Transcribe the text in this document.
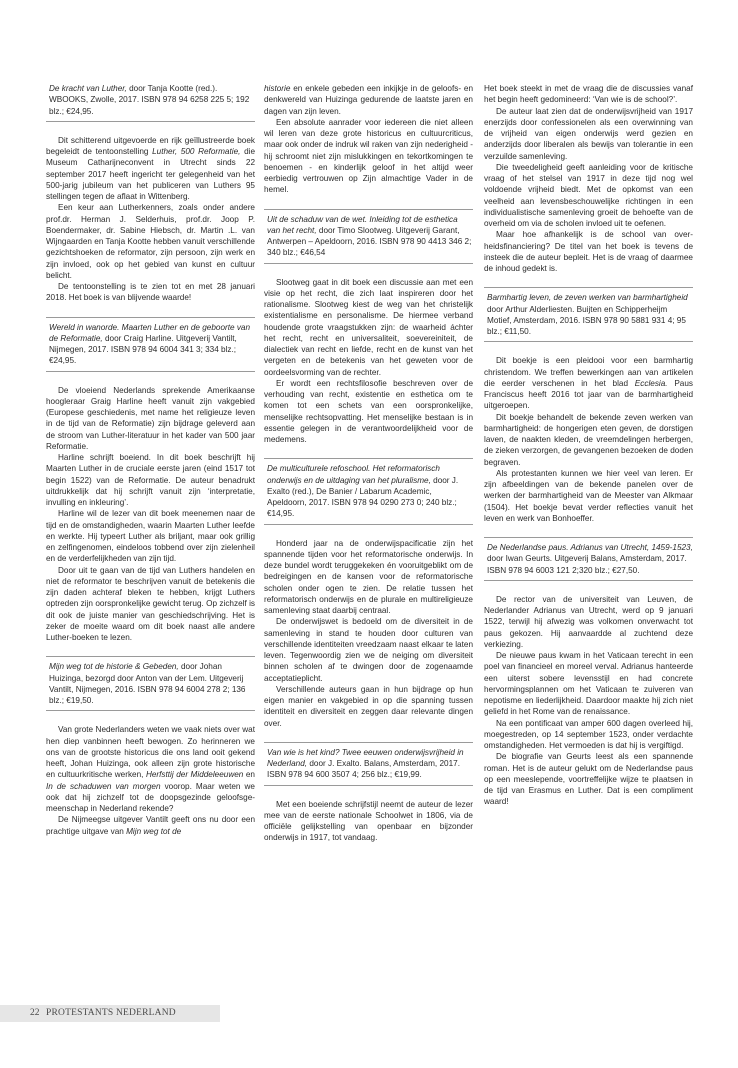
De kracht van Luther, door Tanja Kootte (red.). WBOOKS, Zwolle, 2017. ISBN 978 94 6258 225 5; 192 blz.; €24,95.

Dit schitterend uitgevoerde en rijk geïllustreerde boek begeleidt de tentoonstelling Luther, 500 Reformatie, die Museum Catharijneconvent in Utrecht sinds 22 september 2017 heeft ingericht ter gelegenheid van het 500-jarig jubileum van het publiceren van Luthers 95 stellingen tegen de aflaat in Wittenberg.

Een keur aan Lutherkenners, zoals onder andere prof.dr. Herman J. Selderhuis, prof.dr. Joop P. Boendermaker, dr. Sabine Hiebsch, dr. Martin .L. van Wijngaarden en Tanja Kootte hebben vanuit verschillende gezichtshoeken de reformator, zijn persoon, zijn werk en zijn invloed, ook op het gebied van kunst en cultuur belicht.

De tentoonstelling is te zien tot en met 28 januari 2018. Het boek is van blijvende waarde!

Wereld in wanorde. Maarten Luther en de geboorte van de Reformatie, door Craig Harline. Uitgeverij Vantilt, Nijmegen, 2017. ISBN 978 94 6004 341 3; 334 blz.; €24,95.

De vloeiend Nederlands sprekende Amerikaanse hoogleraar Graig Harline heeft vanuit zijn vakgebied (Europese geschiedenis, met name het religieuze leven in de tijd van de Reformatie) zijn bijdrage geleverd aan de stroom van Luther-literatuur in het kader van 500 jaar Reformatie.

Harline schrijft boeiend. In dit boek beschrijft hij Maarten Luther in de cruciale eerste jaren (eind 1517 tot begin 1522) van de Reformatie. De auteur benadrukt uitdrukkelijk dat hij schrijft vanuit zijn ‘interpretatie, invulling en inkleuring’.

Harline wil de lezer van dit boek meenemen naar de tijd en de omstandigheden, waarin Maarten Luther leefde en werkte. Hij typeert Luther als briljant, maar ook grillig en zelfingenomen, eindeloos tobbend over zijn zielenheil en de verderfelijkheden van zijn tijd.

Door uit te gaan van de tijd van Luthers handelen en niet de reformator te beschrijven vanuit de betekenis die zijn daden achteraf bleken te hebben, krijgt Luthers optreden zijn oorspronkelijke gewicht terug. Op zichzelf is dit ook de juiste manier van geschiedschrijving. Het is zeker de moeite waard om dit boek naast alle andere Luther-boeken te lezen.

Mijn weg tot de historie & Gebeden, door Johan Huizinga, bezorgd door Anton van der Lem. Uitgeverij Vantilt, Nijmegen, 2016. ISBN 978 94 6004 278 2; 136 blz.; €19,50.

Van grote Nederlanders weten we vaak niets over wat hen diep vanbinnen heeft bewogen. Zo herinneren we ons van de grootste historicus die ons land ooit gekend heeft, Johan Huizinga, ook alleen zijn grote historische en cultuurkritische werken, Herfsttij der Middeleeuwen en In de schaduwen van morgen voorop. Maar weten we ook dat hij zichzelf tot de doopsgezinde geloofsgemeenschap in Nederland rekende?

De Nijmeegse uitgever Vantilt geeft ons nu door een prachtige uitgave van Mijn weg tot de

historie en enkele gebeden een inkijkje in de geloofs- en denkwereld van Huizinga gedurende de laatste jaren en dagen van zijn leven.

Een absolute aanrader voor iedereen die niet alleen wil leren van deze grote historicus en cultuurcriticus, maar ook onder de indruk wil raken van zijn nederigheid - hij schroomt niet zijn mislukkingen en tekortkomingen te benoemen - en kinderlijk geloof in het altijd weer eerbiedig vertrouwen op Zijn almachtige Vader in de hemel.

Uit de schaduw van de wet. Inleiding tot de esthetica van het recht, door Timo Slootweg. Uitgeverij Garant, Antwerpen – Apeldoorn, 2016. ISBN 978 90 4413 346 2; 340 blz.; €46,54

Slootweg gaat in dit boek een discussie aan met een visie op het recht, die zich laat inspireren door het rationalisme. Slootweg kiest de weg van het christelijk existentialisme en personalisme. De hiermee verband houdende grote vraagstukken zijn: de waarheid áchter het recht, recht en universaliteit, soevereiniteit, de dialectiek van recht en liefde, recht en de kunst van het vergeten en de betekenis van het geweten voor de oordeelsvorming van de rechter.

Er wordt een rechtsfilosofie beschreven over de verhouding van recht, existentie en esthetica om te komen tot een schets van een oorspronkelijke, menselijke rechtsopvatting. Het menselijke bestaan is in essentie gelegen in de verantwoordelijkheid voor de medemens.

De multiculturele refoschool. Het reformatorisch onderwijs en de uitdaging van het pluralisme, door J. Exalto (red.), De Banier / Labarum Academic, Apeldoorn, 2017. ISBN 978 94 0290 273 0; 240 blz.; €14,95.

Honderd jaar na de onderwijspacificatie zijn het spannende tijden voor het reformatorische onderwijs. In deze bundel wordt teruggekeken én vooruitgeblikt om de bedreigingen en de kansen voor de reformatorische scholen onder ogen te zien. De relatie tussen het reformatorisch onderwijs en de plurale en multireligieuze samenleving staat daarbij centraal.

De onderwijswet is bedoeld om de diversiteit in de samenleving in stand te houden door culturen van verschillende identiteiten vreedzaam naast elkaar te laten leven. Tegenwoordig zien we de neiging om diversiteit binnen scholen af te dwingen door de zogenaamde acceptatieplicht.

Verschillende auteurs gaan in hun bijdrage op hun eigen manier en vakgebied in op die spanning tussen identiteit en diversiteit en zeggen daar relevante dingen over.

Van wie is het kind? Twee eeuwen onderwijsvrijheid in Nederland, door J. Exalto. Balans, Amsterdam, 2017. ISBN 978 94 600 3507 4; 256 blz.; €19,99.

Met een boeiende schrijfstijl neemt de auteur de lezer mee van de eerste nationale Schoolwet in 1806, via de officiële gelijkstelling van openbaar en bijzonder onderwijs in 1917, tot vandaag.

Het boek steekt in met de vraag die de discussies vanaf het begin heeft gedomineerd: ‘Van wie is de school?’.

De auteur laat zien dat de onderwijsvrijheid van 1917 enerzijds door confessionelen als een overwinning van de vrijheid van eigen onderwijs werd gezien en anderzijds door liberalen als bewijs van tolerantie in een verzuilde samenleving.

Die tweedeligheid geeft aanleiding voor de kritische vraag of het stelsel van 1917 in deze tijd nog wel voldoende vrijheid biedt. Met de opkomst van een veelheid aan levensbeschouwelijke richtingen in een individualistische samenleving groeit de behoefte van de overheid om via de scholen invloed uit te oefenen.

Maar hoe afhankelijk is de school van overheidsfinanciering? De titel van het boek is tevens de insteek die de auteur bepleit. Het is de vraag of daarmee de inhoud gedekt is.

Barmhartig leven, de zeven werken van barmhartigheid door Arthur Alderliesten. Buijten en Schipperheijm Motief, Amsterdam, 2016. ISBN 978 90 5881 931 4; 95 blz.; €11,50.

Dit boekje is een pleidooi voor een barmhartig christendom. We treffen bewerkingen aan van artikelen die eerder verschenen in het blad Ecclesia. Paus Franciscus heeft 2016 tot jaar van de barmhartigheid uitgeroepen.

Dit boekje behandelt de bekende zeven werken van barmhartigheid: de hongerigen eten geven, de dorstigen laven, de naakten kleden, de vreemdelingen herbergen, de zieken verzorgen, de gevangenen bezoeken de doden begraven.

Als protestanten kunnen we hier veel van leren. Er zijn afbeeldingen van de bekende panelen over de werken der barmhartigheid van de Meester van Alkmaar (1504). Het boekje bevat verder reflecties vanuit het leven en werk van Bonhoeffer.

De Nederlandse paus. Adrianus van Utrecht, 1459-1523, door Iwan Geurts. Uitgeverij Balans, Amsterdam, 2017. ISBN 978 94 6003 121 2;320 blz.; €27,50.

De rector van de universiteit van Leuven, de Nederlander Adrianus van Utrecht, werd op 9 januari 1522, terwijl hij afwezig was volkomen onverwacht tot paus gekozen. Hij aanvaardde al zuchtend deze verkiezing.

De nieuwe paus kwam in het Vaticaan terecht in een poel van financieel en moreel verval. Adrianus hanteerde een uiterst sobere levensstijl en had concrete hervormingsplannen om het Vaticaan te zuiveren van nepotisme en liederlijkheid. Daardoor maakte hij zich niet geliefd in het Rome van de renaissance.

Na een pontificaat van amper 600 dagen overleed hij, moegestreden, op 14 september 1523, onder verdachte omstandigheden. Het vermoeden is dat hij is vergiftigd.

De biografie van Geurts leest als een spannende roman. Het is de auteur gelukt om de Nederlandse paus op een meeslepende, voortreffelijke wijze te plaatsen in de tijd van Erasmus en Luther. Dat is een compliment waard!

22 PROTESTANTS NEDERLAND
